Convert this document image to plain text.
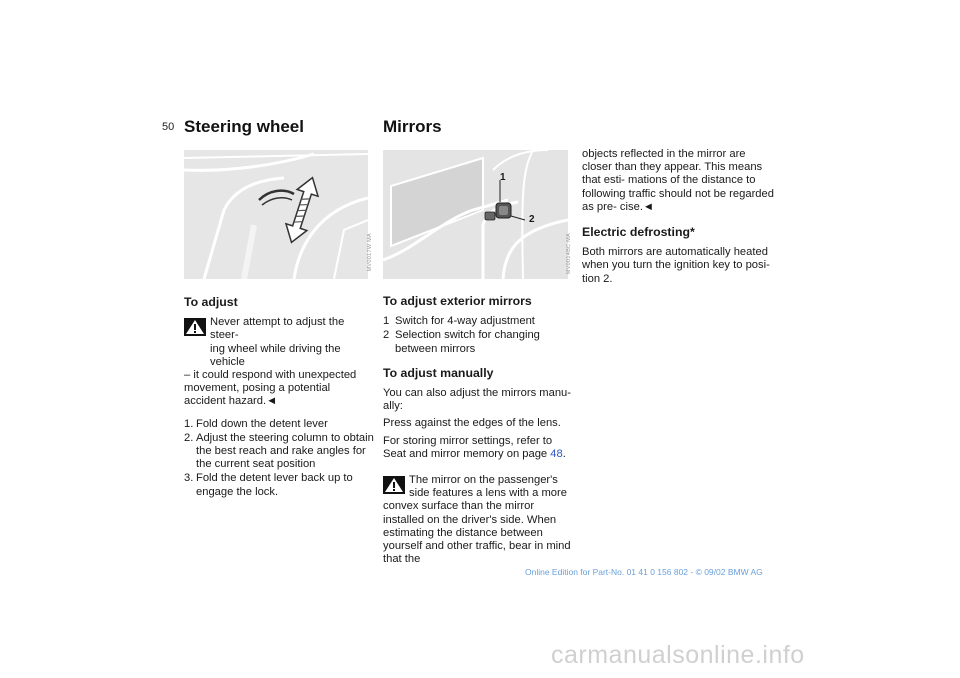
50 Steering wheel	Mirrors
MV0017W MA
1
2
MV0014BC MA
To adjust
Never attempt to adjust the steer-
ing wheel while driving the vehicle
– it could respond with unexpected movement, posing a potential accident hazard.◄
1. Fold down the detent lever
2. Adjust the steering column to obtain the best reach and rake angles for the current seat position
3. Fold the detent lever back up to engage the lock.
To adjust exterior mirrors
1 Switch for 4-way adjustment
2 Selection switch for changing between mirrors
To adjust manually

You can also adjust the mirrors manu- ally:

Press against the edges of the lens.

For storing mirror settings, refer to Seat and mirror memory on page 48.

The mirror on the passenger's
side features a lens with a more
convex surface than the mirror installed on the driver's side. When estimating the distance between yourself and other traffic, bear in mind that the

objects reflected in the mirror are closer than they appear. This means that esti- mations of the distance to following traffic should not be regarded as pre- cise.◄

Electric defrosting*

Both mirrors are automatically heated when you turn the ignition key to posi- tion 2.

Online Edition for Part-No. 01 41 0 156 802 - © 09/02 BMW AG
carmanualsonline.info
